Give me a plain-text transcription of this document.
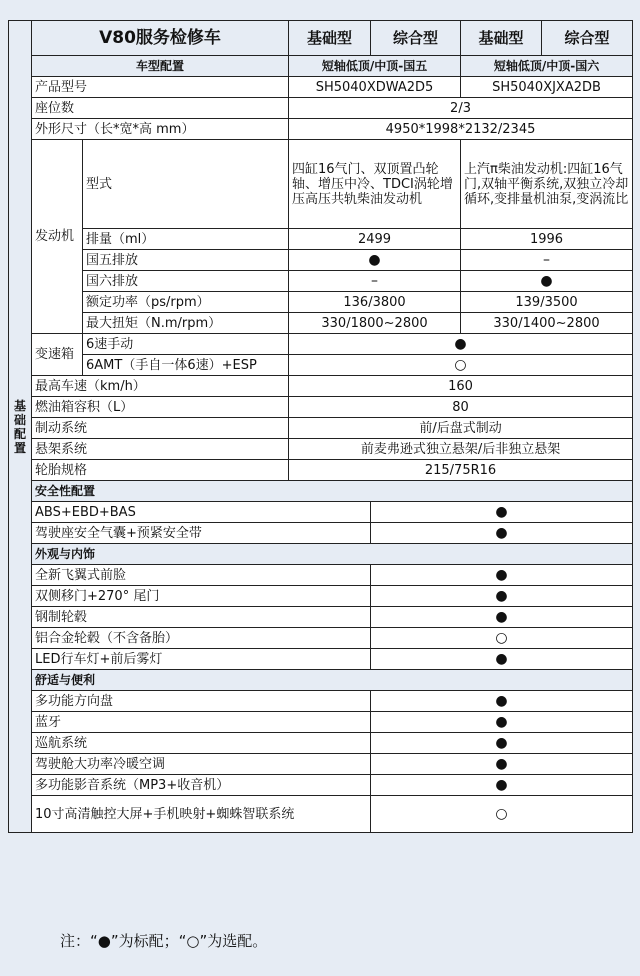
基础配置	V80服务检修车		基础型	综合型	基础型	综合型
	车型配置		短轴低顶/中顶-国五		短轴低顶/中顶-国六	
	产品型号		SH5040XDWA2D5		SH5040XJXA2DB	
	座位数		2/3			
	外形尺寸（长*宽*高 mm）		4950*1998*2132/2345			
	发动机	型式	四缸16气门、双顶置凸轮轴、增压中冷、TDCI涡轮增压高压共轨柴油发动机		上汽π柴油发动机:四缸16气门,双轴平衡系统,双独立冷却循环,变排量机油泵,变涡流比	
		排量（ml）	2499		1996	
		国五排放	●		–	
		国六排放	–		●	
		额定功率（ps/rpm）	136/3800		139/3500	
		最大扭矩（N.m/rpm）	330/1800~2800		330/1400~2800	
	变速箱	6速手动	●			
		6AMT（手自一体6速）+ESP	○			
	最高车速（km/h）		160			
	燃油箱容积（L）		80			
	制动系统		前/后盘式制动			
	悬架系统		前麦弗逊式独立悬架/后非独立悬架			
	轮胎规格		215/75R16			
	安全性配置					
	ABS+EBD+BAS			●		
	驾驶座安全气囊+预紧安全带			●		
	外观与内饰					
	全新飞翼式前脸			●		
	双侧移门+270° 尾门			●		
	钢制轮毂			●		
	铝合金轮毂（不含备胎）			○		
	LED行车灯+前后雾灯			●		
	舒适与便利					
	多功能方向盘			●		
	蓝牙			●		
	巡航系统			●		
	驾驶舱大功率冷暖空调			●		
	多功能影音系统（MP3+收音机）			●		
	10寸高清触控大屏+手机映射+蜘蛛智联系统			○		
注：“●”为标配；“○”为选配。
